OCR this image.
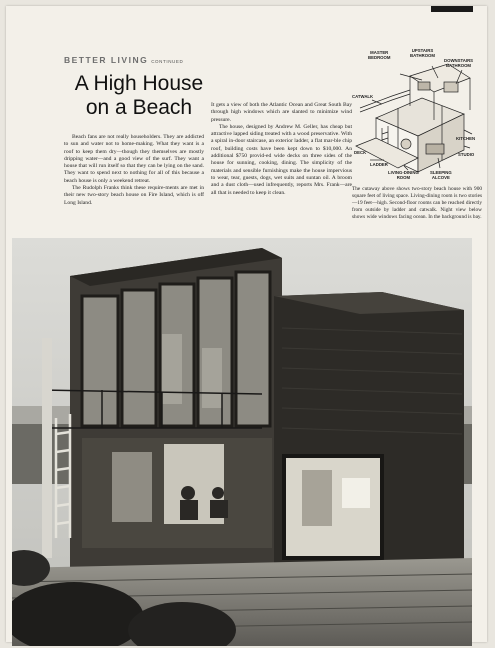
BETTER LIVING CONTINUED
A High House
on a Beach

Beach fans are not really householders. They are addicted to sun and water not to home-making. What they want is a roof to keep them dry—though they themselves are mostly dripping water—and a good view of the surf. They want a house that will run itself so that they can be lying on the sand. They want to spend next to nothing for all of this because a beach house is only a weekend retreat.

The Rudolph Franks think these require-ments are met in their new two-story beach house on Fire Island, which is off Long Island.

It gets a view of both the Atlantic Ocean and Great South Bay through high windows which are slanted to minimize wind pressure.

The house, designed by Andrew M. Geller, has cheap but attractive lapped siding treated with a wood preservative. With a spiral in-door staircase, an exterior ladder, a flat mar-ble chip roof, building costs have been kept down to $10,000. An additional $750 provid-ed wide decks on three sides of the house for sunning, cooking, dining. The simplicity of the materials and sensible furnishings make the house impervious to wear, tear, guests, dogs, wet suits and suntan oil. A broom and a dust cloth—used infrequently, reports Mrs. Frank—are all that is needed to keep it clean.

MASTER
BEDROOM
UPSTAIRS
BATHROOM
DOWNSTAIRS
BATHROOM
CATWALK
KITCHEN
DECK	STUDIO
LADDER
LIVING-DINING
ROOM
SLEEPING
ALCOVE
The cutaway above shows two-story beach house with 900 square feet of living space. Living-dining room is two stories—19 feet—high. Second-floor rooms can be reached directly from outside by ladder and catwalk. Night view below shows wide windows facing ocean. In the background is bay.
